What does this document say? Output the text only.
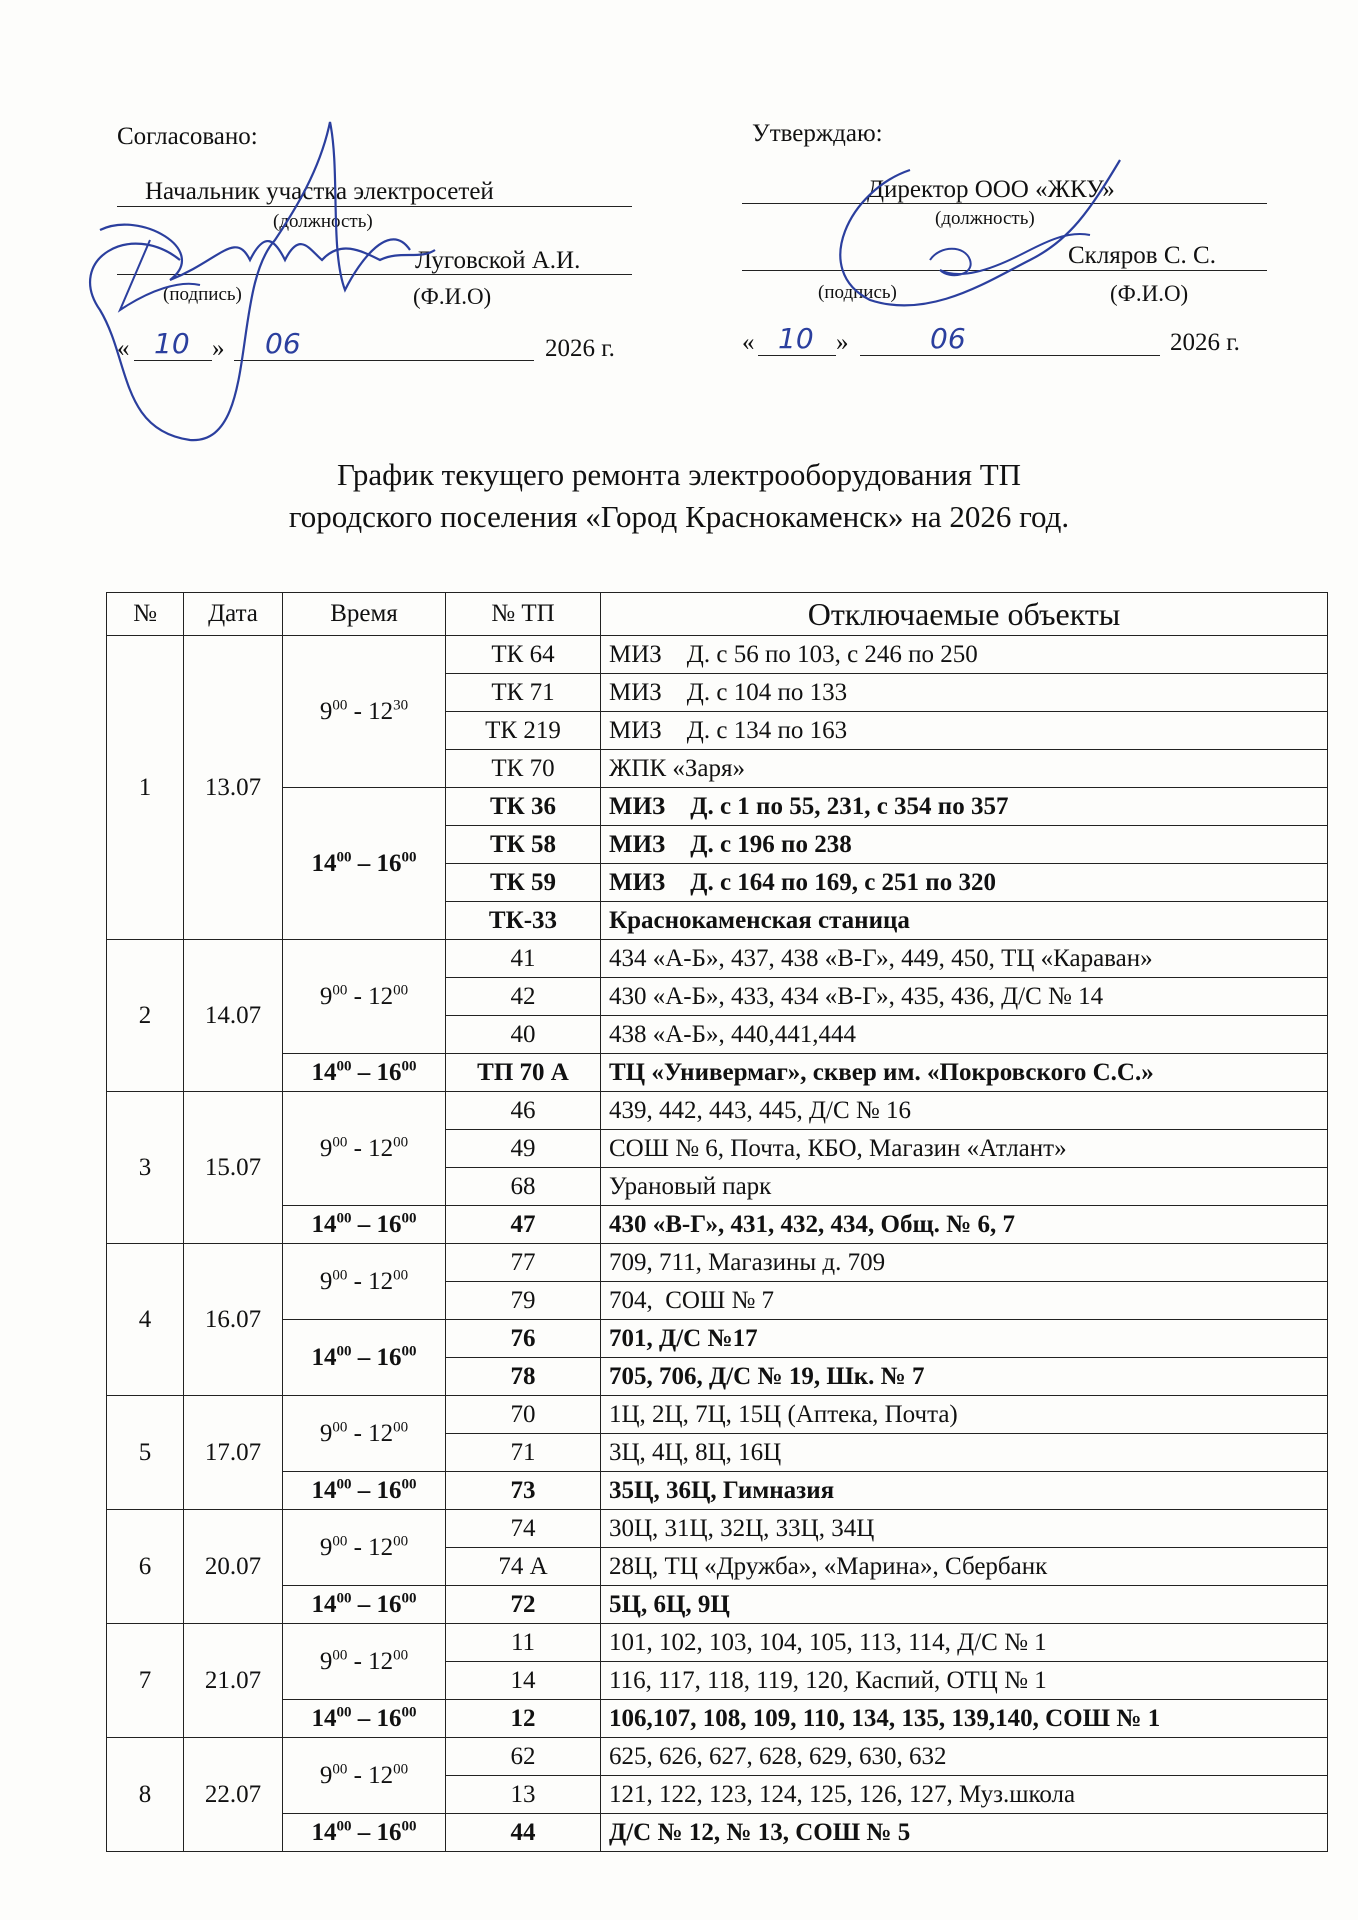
Согласовано:
Начальник участка электросетей
(должность)
Луговской А.И.
(подпись)	(Ф.И.О)
« 10 » 06	2026 г.
Утверждаю:
Директор ООО «ЖКУ»
(должность)
Скляров С. С.
(подпись)	(Ф.И.О)
« 10 »	06	2026 г.
График текущего ремонта электрооборудования ТП
городского поселения «Город Краснокаменск» на 2026 год.
№	Дата	Время	№ ТП	Отключаемые объекты
1	13.07	$9^{00} - 12^{30}$	ТК 64	МИЗ    Д. с 56 по 103, с 246 по 250
			ТК 71	МИЗ    Д. с 104 по 133
			ТК 219	МИЗ    Д. с 134 по 163
			ТК 70	ЖПК «Заря»
		$14^{00} - 16^{00}$	ТК 36	МИЗ    Д. с 1 по 55, 231, с 354 по 357
			ТК 58	МИЗ    Д. с 196 по 238
			ТК 59	МИЗ    Д. с 164 по 169, с 251 по 320
			ТК-33	Краснокаменская станица
2	14.07	$9^{00} - 12^{00}$	41	434 «А-Б», 437, 438 «В-Г», 449, 450, ТЦ «Караван»
			42	430 «А-Б», 433, 434 «В-Г», 435, 436, Д/С № 14
			40	438 «А-Б», 440,441,444
		$14^{00} - 16^{00}$	ТП 70 А	ТЦ «Универмаг», сквер им. «Покровского С.С.»
3	15.07	$9^{00} - 12^{00}$	46	439, 442, 443, 445, Д/С № 16
			49	СОШ № 6, Почта, КБО, Магазин «Атлант»
			68	Урановый парк
		$14^{00} - 16^{00}$	47	430 «В-Г», 431, 432, 434, Общ. № 6, 7
4	16.07	$9^{00} - 12^{00}$	77	709, 711, Магазины д. 709
			79	704,  СОШ № 7
		$14^{00} - 16^{00}$	76	701, Д/С №17
			78	705, 706, Д/С № 19, Шк. № 7
5	17.07	$9^{00} - 12^{00}$	70	1Ц, 2Ц, 7Ц, 15Ц (Аптека, Почта)
			71	3Ц, 4Ц, 8Ц, 16Ц
		$14^{00} - 16^{00}$	73	35Ц, 36Ц, Гимназия
6	20.07	$9^{00} - 12^{00}$	74	30Ц, 31Ц, 32Ц, 33Ц, 34Ц
			74 А	28Ц, ТЦ «Дружба», «Марина», Сбербанк
		$14^{00} - 16^{00}$	72	5Ц, 6Ц, 9Ц
7	21.07	$9^{00} - 12^{00}$	11	101, 102, 103, 104, 105, 113, 114, Д/С № 1
			14	116, 117, 118, 119, 120, Каспий, ОТЦ № 1
		$14^{00} - 16^{00}$	12	106,107, 108, 109, 110, 134, 135, 139,140, СОШ № 1
8	22.07	$9^{00} - 12^{00}$	62	625, 626, 627, 628, 629, 630, 632
			13	121, 122, 123, 124, 125, 126, 127, Муз.школа
		$14^{00} - 16^{00}$	44	Д/С № 12, № 13, СОШ № 5
